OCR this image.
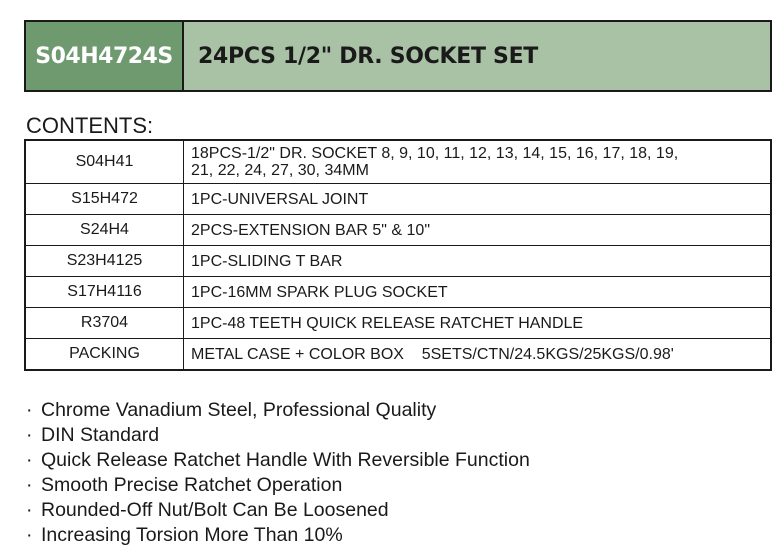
S04H4724S	24PCS 1/2" DR. SOCKET SET
CONTENTS:
S04H41	18PCS-1/2" DR. SOCKET 8, 9, 10, 11, 12, 13, 14, 15, 16, 17, 18, 19,
21, 22, 24, 27, 30, 34MM

S15H472	1PC-UNIVERSAL JOINT
S24H4	2PCS-EXTENSION BAR 5" & 10"
S23H4125	1PC-SLIDING T BAR
S17H4116	1PC-16MM SPARK PLUG SOCKET
R3704	1PC-48 TEETH QUICK RELEASE RATCHET HANDLE
PACKING	METAL CASE + COLOR BOX    5SETS/CTN/24.5KGS/25KGS/0.98'
· Chrome Vanadium Steel, Professional Quality
· DIN Standard
· Quick Release Ratchet Handle With Reversible Function
· Smooth Precise Ratchet Operation
· Rounded-Off Nut/Bolt Can Be Loosened
· Increasing Torsion More Than 10%
